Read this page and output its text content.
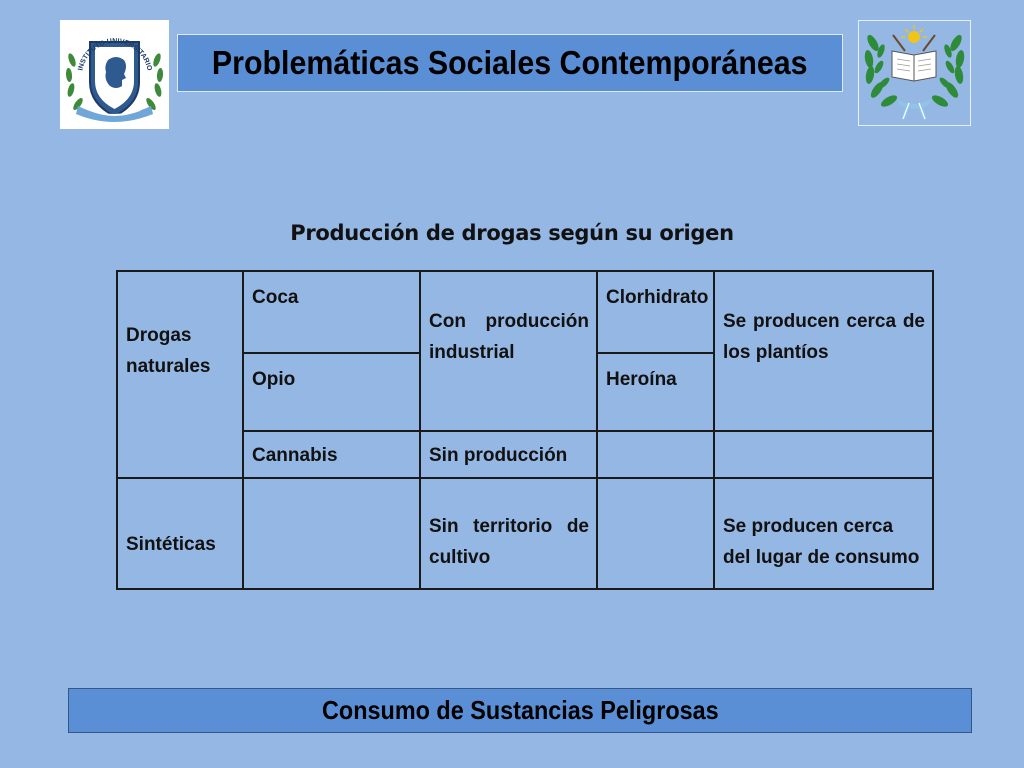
INSTITUTO UNIVERSITARIO Problemáticas Sociales Contemporáneas
Producción de drogas según su origen
Drogas naturales	Coca	Con producción industrial	Clorhidrato	Se producen cerca de los plantíos
	Opio		Heroína	
	Cannabis	Sin producción		
Sintéticas		Sin territorio de cultivo		Se producen cerca del lugar de consumo
Consumo de Sustancias Peligrosas
